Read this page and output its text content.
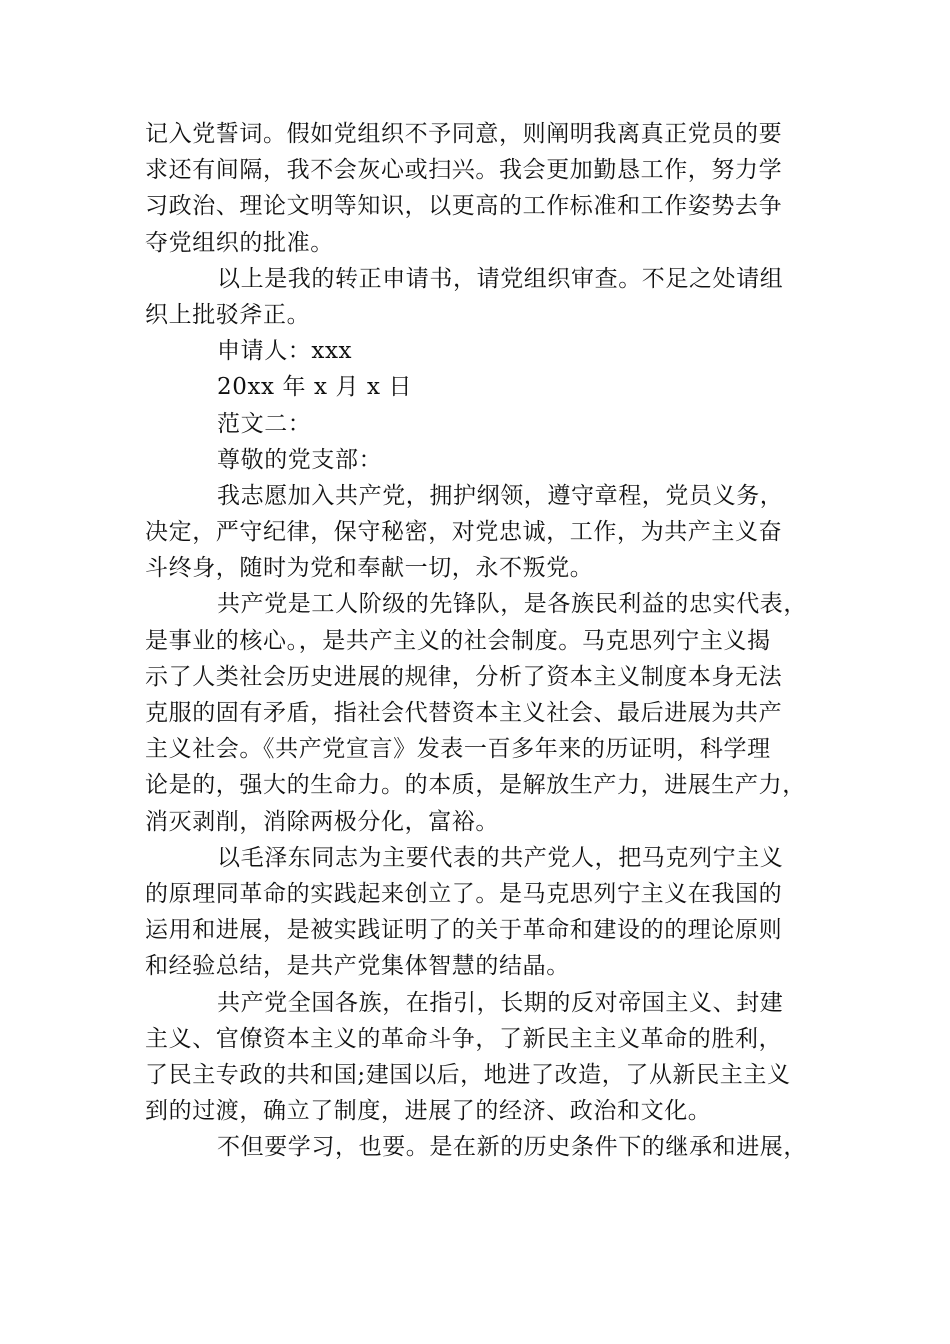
记入党誓词。假如党组织不予同意，则阐明我离真正党员的要
求还有间隔，我不会灰心或扫兴。我会更加勤恳工作，努力学
习政治、理论文明等知识，以更高的工作标准和工作姿势去争
夺党组织的批准。
以上是我的转正申请书，请党组织审查。不足之处请组
织上批驳斧正。
申请人：xxx
20xx 年 x 月 x 日
范文二：
尊敬的党支部：
我志愿加入共产党，拥护纲领，遵守章程，党员义务，
决定，严守纪律，保守秘密，对党忠诚，工作，为共产主义奋
斗终身，随时为党和奉献一切，永不叛党。
共产党是工人阶级的先锋队，是各族民利益的忠实代表，
是事业的核心。，是共产主义的社会制度。马克思列宁主义揭
示了人类社会历史进展的规律，分析了资本主义制度本身无法
克服的固有矛盾，指社会代替资本主义社会、最后进展为共产
主义社会。《共产党宣言》发表一百多年来的历证明，科学理
论是的，强大的生命力。的本质，是解放生产力，进展生产力，
消灭剥削，消除两极分化，富裕。
以毛泽东同志为主要代表的共产党人，把马克列宁主义
的原理同革命的实践起来创立了。是马克思列宁主义在我国的
运用和进展，是被实践证明了的关于革命和建设的的理论原则
和经验总结，是共产党集体智慧的结晶。
共产党全国各族，在指引，长期的反对帝国主义、封建
主义、官僚资本主义的革命斗争，了新民主主义革命的胜利，
了民主专政的共和国;建国以后，地进了改造，了从新民主主义
到的过渡，确立了制度，进展了的经济、政治和文化。
不但要学习，也要。是在新的历史条件下的继承和进展，
